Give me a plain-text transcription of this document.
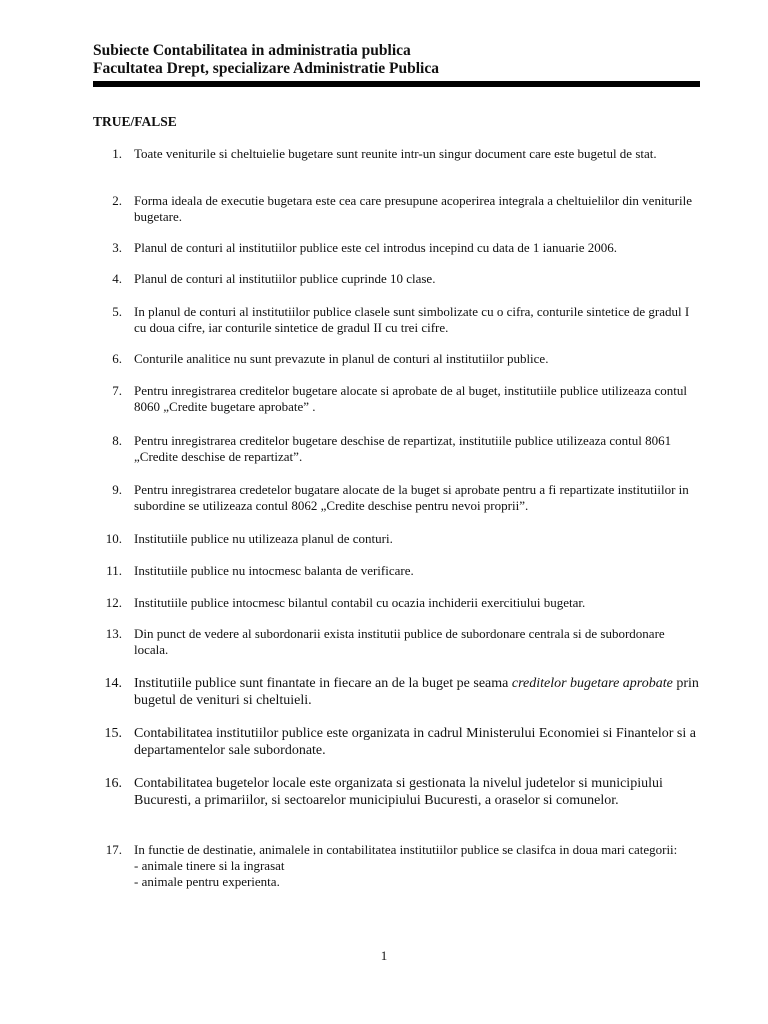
Subiecte Contabilitatea in administratia publica
Facultatea Drept, specializare Administratie Publica
TRUE/FALSE
1. Toate veniturile si cheltuielie bugetare sunt reunite intr-un singur document care este bugetul de stat.
2. Forma ideala de executie bugetara este cea care presupune acoperirea integrala a cheltuielilor din veniturile bugetare.
3. Planul de conturi al institutiilor publice este cel introdus incepind cu data de 1 ianuarie 2006.
4. Planul de conturi al institutiilor publice cuprinde 10 clase.
5. In planul de conturi al institutiilor publice clasele sunt simbolizate cu o cifra, conturile sintetice de gradul I cu doua cifre, iar conturile sintetice de gradul II cu trei cifre.
6. Conturile analitice nu sunt prevazute in planul de conturi al institutiilor publice.
7. Pentru inregistrarea creditelor bugetare alocate si aprobate de al buget, institutiile publice utilizeaza contul 8060 „Credite bugetare aprobate” .
8. Pentru inregistrarea creditelor bugetare deschise de repartizat, institutiile publice utilizeaza contul 8061 „Credite deschise de repartizat”.
9. Pentru inregistrarea credetelor bugatare alocate de la buget si aprobate pentru a fi repartizate institutiilor in subordine se utilizeaza contul 8062 „Credite deschise pentru nevoi proprii”.
10. Institutiile publice nu utilizeaza planul de conturi.
11. Institutiile publice nu intocmesc balanta de verificare.
12. Institutiile publice intocmesc bilantul contabil cu ocazia inchiderii exercitiului bugetar.
13. Din punct de vedere al subordonarii exista institutii publice de subordonare centrala si de subordonare locala.
14. Institutiile publice sunt finantate in fiecare an de la buget pe seama creditelor bugetare aprobate prin bugetul de venituri si cheltuieli.
15. Contabilitatea institutiilor publice este organizata in cadrul Ministerului Economiei si Finantelor si a departamentelor sale subordonate.
16. Contabilitatea bugetelor locale este organizata si gestionata la nivelul judetelor si municipiului Bucuresti, a primariilor, si sectoarelor municipiului Bucuresti, a oraselor si comunelor.
17. In functie de destinatie, animalele in contabilitatea institutiilor publice se clasifca in doua mari categorii:
- animale tinere si la ingrasat
- animale pentru experienta.
1
